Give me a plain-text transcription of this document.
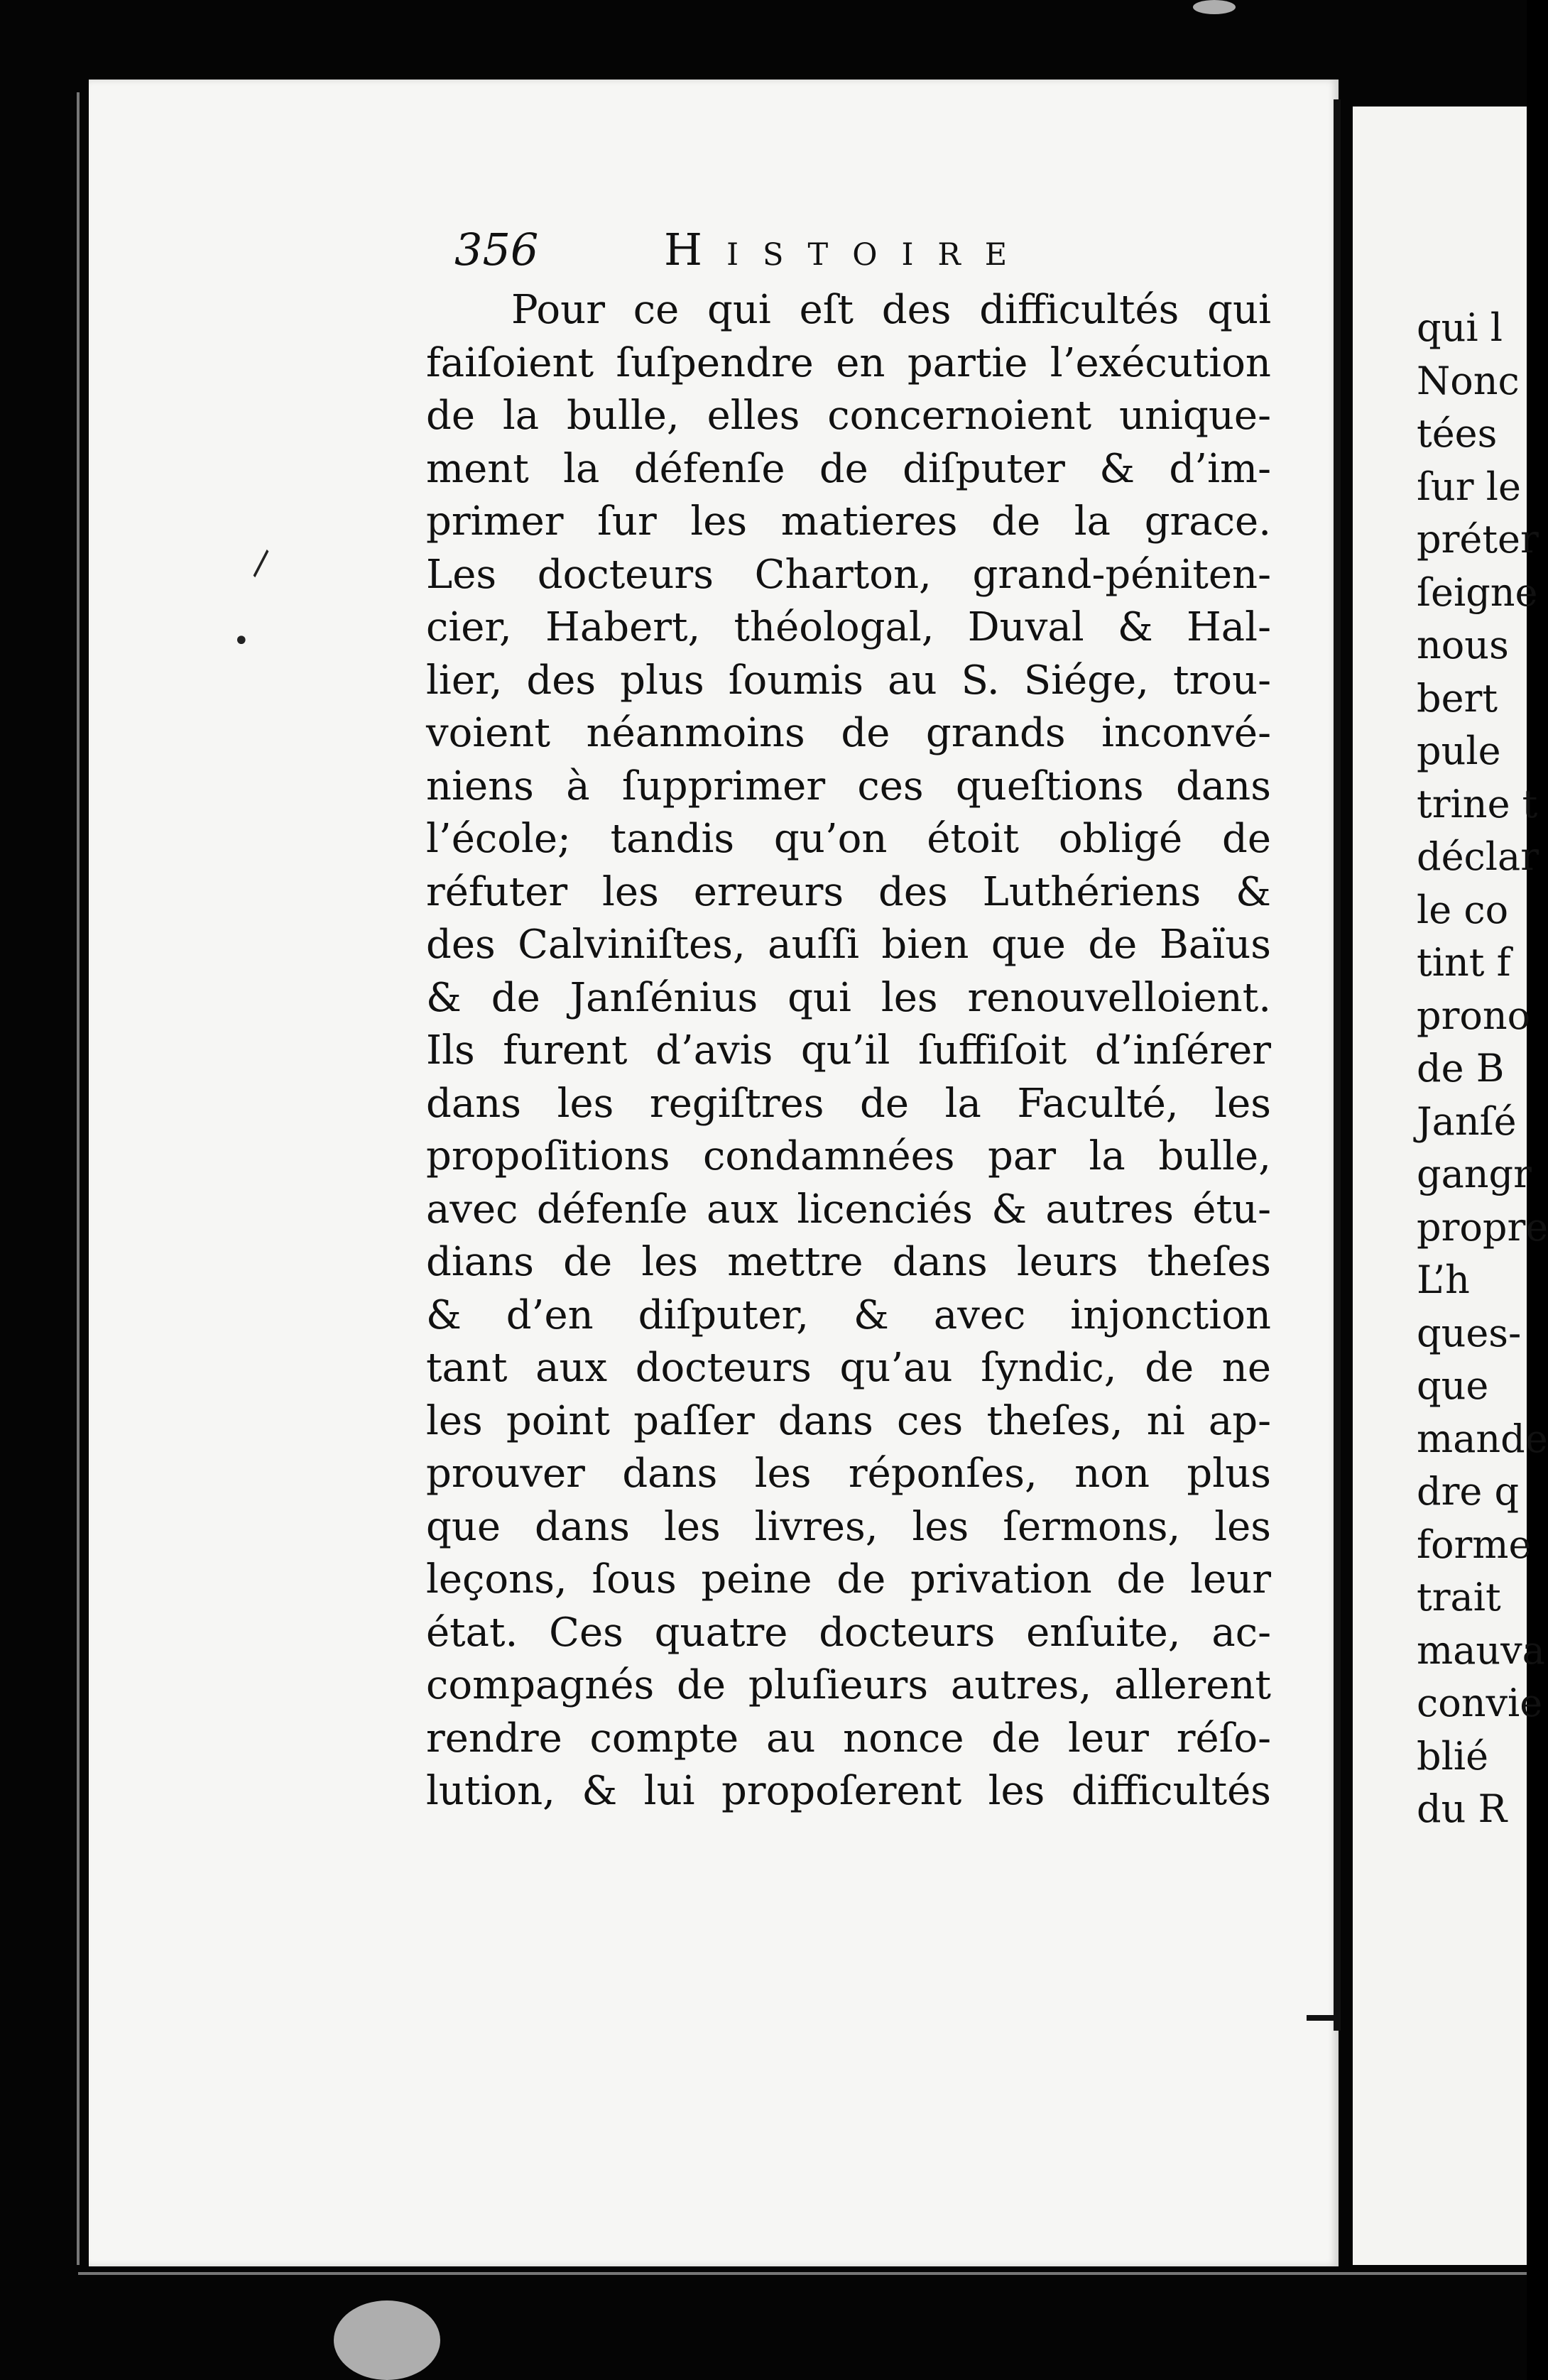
356	Histoire
Pour ce qui eſt des difficultés qui
faiſoient ſuſpendre en partie l’exécution
de la bulle, elles concernoient unique-
ment la défenſe de diſputer & d’im-
primer ſur les matieres de la grace.
Les docteurs Charton, grand-péniten-
cier, Habert, théologal, Duval & Hal-
lier, des plus ſoumis au S. Siége, trou-
voient néanmoins de grands inconvé-
niens à ſupprimer ces queſtions dans
l’école; tandis qu’on étoit obligé de
réfuter les erreurs des Luthériens &
des Calviniſtes, auſſi bien que de Baïus
& de Janſénius qui les renouvelloient.
Ils furent d’avis qu’il ſuffiſoit d’inſérer
dans les regiſtres de la Faculté, les
propoſitions condamnées par la bulle,
avec défenſe aux licenciés & autres étu-
dians de les mettre dans leurs theſes
& d’en diſputer, & avec injonction
tant aux docteurs qu’au ſyndic, de ne
les point paſſer dans ces theſes, ni ap-
prouver dans les réponſes, non plus
que dans les livres, les ſermons, les
leçons, ſous peine de privation de leur
état. Ces quatre docteurs enſuite, ac-
compagnés de pluſieurs autres, allerent
rendre compte au nonce de leur réſo-
lution, & lui propoſerent les difficultés
qui l
Nonc
tées
ſur le
préter
ſeigne
nous
bert
pule
trine t
déclar
le co
tint f
prono
de B
Janſé
gangr
propre
L’h
ques-
que
mande
dre q
forme
trait
mauva
convie
blié
du R
\
•
